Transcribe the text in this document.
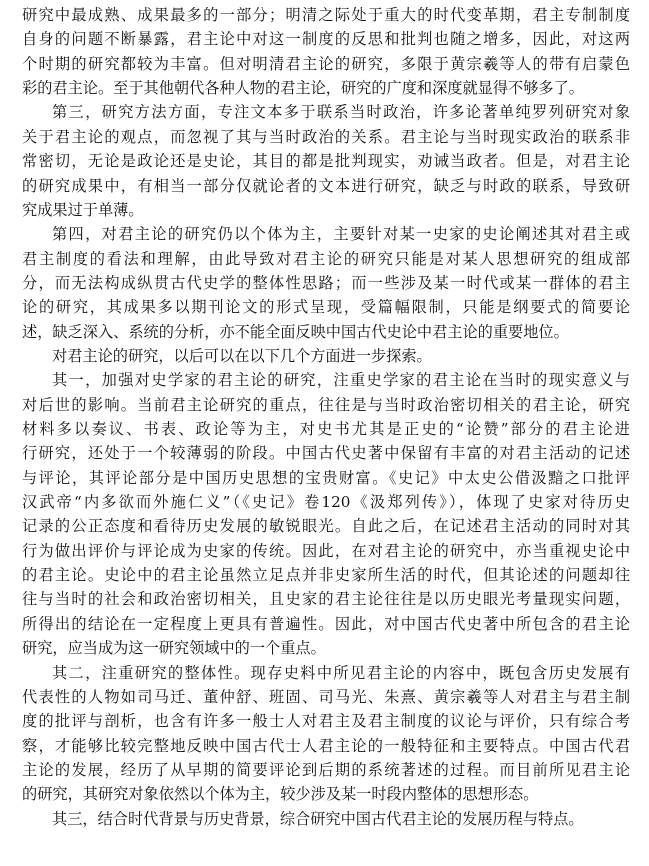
研究中最成熟、成果最多的一部分；明清之际处于重大的时代变革期，君主专制制度
自身的问题不断暴露，君主论中对这一制度的反思和批判也随之增多，因此，对这两
个时期的研究都较为丰富。但对明清君主论的研究，多限于黄宗羲等人的带有启蒙色
彩的君主论。至于其他朝代各种人物的君主论，研究的广度和深度就显得不够多了。
第三，研究方法方面，专注文本多于联系当时政治，许多论著单纯罗列研究对象
关于君主论的观点，而忽视了其与当时政治的关系。君主论与当时现实政治的联系非
常密切，无论是政论还是史论，其目的都是批判现实，劝诫当政者。但是，对君主论
的研究成果中，有相当一部分仅就论者的文本进行研究，缺乏与时政的联系，导致研
究成果过于单薄。
第四，对君主论的研究仍以个体为主，主要针对某一史家的史论阐述其对君主或
君主制度的看法和理解，由此导致对君主论的研究只能是对某人思想研究的组成部
分，而无法构成纵贯古代史学的整体性思路；而一些涉及某一时代或某一群体的君主
论的研究，其成果多以期刊论文的形式呈现，受篇幅限制，只能是纲要式的简要论
述，缺乏深入、系统的分析，亦不能全面反映中国古代史论中君主论的重要地位。
对君主论的研究，以后可以在以下几个方面进一步探索。
其一，加强对史学家的君主论的研究，注重史学家的君主论在当时的现实意义与
对后世的影响。当前君主论研究的重点，往往是与当时政治密切相关的君主论，研究
材料多以奏议、书表、政论等为主，对史书尤其是正史的“论赞”部分的君主论进
行研究，还处于一个较薄弱的阶段。中国古代史著中保留有丰富的对君主活动的记述
与评论，其评论部分是中国历史思想的宝贵财富。《史记》中太史公借汲黯之口批评
汉武帝“内多欲而外施仁义”（《史记》卷120《汲郑列传》），体现了史家对待历史
记录的公正态度和看待历史发展的敏锐眼光。自此之后，在记述君主活动的同时对其
行为做出评价与评论成为史家的传统。因此，在对君主论的研究中，亦当重视史论中
的君主论。史论中的君主论虽然立足点并非史家所生活的时代，但其论述的问题却往
往与当时的社会和政治密切相关，且史家的君主论往往是以历史眼光考量现实问题，
所得出的结论在一定程度上更具有普遍性。因此，对中国古代史著中所包含的君主论
研究，应当成为这一研究领域中的一个重点。
其二，注重研究的整体性。现存史料中所见君主论的内容中，既包含历史发展有
代表性的人物如司马迁、董仲舒、班固、司马光、朱熹、黄宗羲等人对君主与君主制
度的批评与剖析，也含有许多一般士人对君主及君主制度的议论与评价，只有综合考
察，才能够比较完整地反映中国古代士人君主论的一般特征和主要特点。中国古代君
主论的发展，经历了从早期的简要评论到后期的系统著述的过程。而目前所见君主论
的研究，其研究对象依然以个体为主，较少涉及某一时段内整体的思想形态。
其三，结合时代背景与历史背景，综合研究中国古代君主论的发展历程与特点。
